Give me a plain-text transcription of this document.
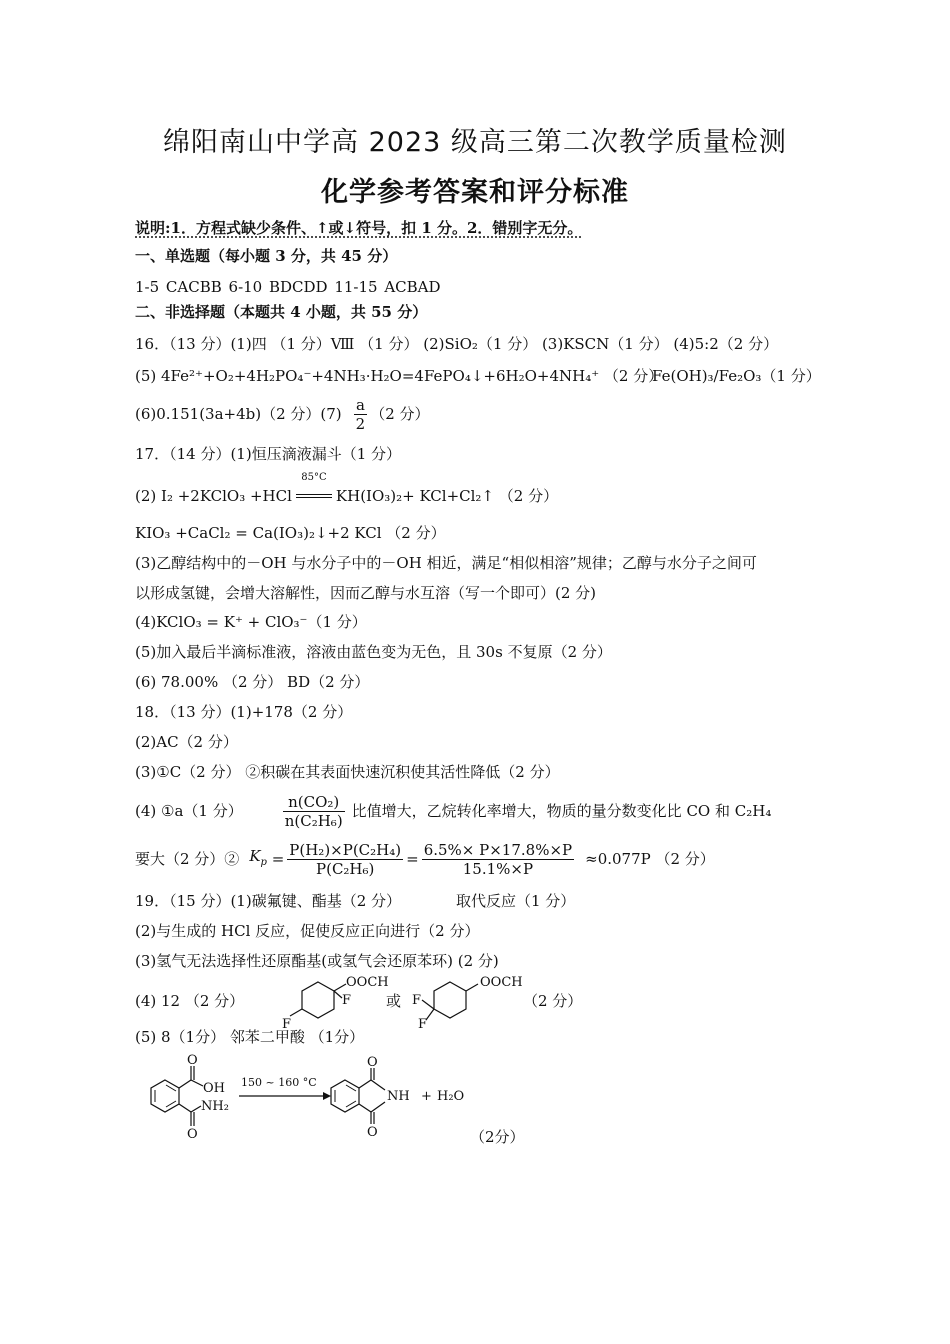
绵阳南山中学高 2023 级高三第二次教学质量检测
化学参考答案和评分标准
说明:1．方程式缺少条件、↑或↓符号，扣 1 分。2．错别字无分。
一、单选题（每小题 3 分，共 45 分）
1-5 CACBB 6-10 BDCDD 11-15 ACBAD
二、非选择题（本题共 4 小题，共 55 分）
16．（13 分）(1)四 （1 分）Ⅷ （1 分） (2)SiO₂（1 分） (3)KSCN（1 分） (4)5:2（2 分）
(5) 4Fe²⁺+O₂+4H₂PO₄⁻+4NH₃·H₂O=4FePO₄↓+6H₂O+4NH₄⁺ （2 分）
Fe(OH)₃/Fe₂O₃（1 分）
(6)0.151(3a+4b)（2 分）$(7) \frac{a}{2} (2$ 分）
17．（14 分）(1)恒压滴液漏斗（1 分）
(2) I₂ +2KClO₃ +HCl
85°C
KH(IO₃)₂+ KCl+Cl₂↑ （2 分）
KIO₃ +CaCl₂ = Ca(IO₃)₂↓+2 KCl （2 分）
(3)乙醇结构中的－OH 与水分子中的－OH 相近，满足“相似相溶”规律；乙醇与水分子之间可
以形成氢键，会增大溶解性，因而乙醇与水互溶（写一个即可）(2 分)
(4)KClO₃ = K⁺ + ClO₃⁻（1 分）
(5)加入最后半滴标准液，溶液由蓝色变为无色，且 30s 不复原（2 分）
(6) 78.00% （2 分） BD（2 分）
18．（13 分）(1)+178（2 分）
(2)AC（2 分）
(3)①C（2 分） ②积碳在其表面快速沉积使其活性降低（2 分）
(4) ①a（1 分）	$\frac{\text{n(CO₂)}}{\text{n(C₂H₆)}}$ 比值增大，乙烷转化率增大，物质的量分数变化比 CO 和 C₂H₄
要大（2 分）② $K_p = \frac{\text{P(H₂)×P(C₂H₄)}}{\text{P(C₂H₆)}} = \frac{6.5\%\times P\times 17.8\%\times P}{15.1\%\times P} \approx 0.077P$ （2 分）
19．（15 分）(1)碳氟键、酯基（2 分）	取代反应（1 分）
(2)与生成的 HCl 反应，促使反应正向进行（2 分）
(3)氢气无法选择性还原酯基(或氢气会还原苯环) (2 分)
(4) 12 （2 分）	或	（2 分）
F
F
OOCH
F
F
OOCH
(5) 8（1分） 邻苯二甲酸 （1分）
O
OH
NH₂
O
150 ~ 160 °C
O
NH
O
+ H₂O
（2分）
